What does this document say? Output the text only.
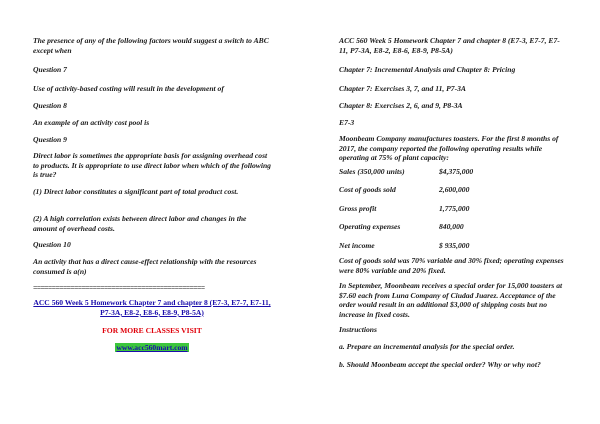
The presence of any of the following factors would suggest a switch to ABC except when

Question 7

Use of activity-based costing will result in the development of

Question 8

An example of an activity cost pool is

Question 9

Direct labor is sometimes the appropriate basis for assigning overhead cost to products. It is appropriate to use direct labor when which of the following is true?

(1) Direct labor constitutes a significant part of total product cost.

(2) A high correlation exists between direct labor and changes in the amount of overhead costs.

Question 10

An activity that has a direct cause-effect relationship with the resources consumed is a(n)

==============================================

ACC 560 Week 5 Homework Chapter 7 and chapter 8 (E7-3, E7-7, E7-11, P7-3A, E8-2, E8-6, E8-9, P8-5A)

FOR MORE CLASSES VISIT

www.acc560mart.com

ACC 560 Week 5 Homework Chapter 7 and chapter 8 (E7-3, E7-7, E7-11, P7-3A, E8-2, E8-6, E8-9, P8-5A)

Chapter 7: Incremental Analysis and Chapter 8: Pricing

Chapter 7: Exercises 3, 7, and 11, P7-3A

Chapter 8: Exercises 2, 6, and 9, P8-3A

E7-3

Moonbeam Company manufactures toasters. For the first 8 months of 2017, the company reported the following operating results while operating at 75% of plant capacity:

Sales (350,000 units)	$4,375,000
Cost of goods sold	2,600,000
Gross profit	1,775,000
Operating expenses	840,000
Net income	$ 935,000

Cost of goods sold was 70% variable and 30% fixed; operating expenses were 80% variable and 20% fixed.

In September, Moonbeam receives a special order for 15,000 toasters at $7.60 each from Luna Company of Ciudad Juarez. Acceptance of the order would result in an additional $3,000 of shipping costs but no increase in fixed costs.

Instructions

a. Prepare an incremental analysis for the special order.

b. Should Moonbeam accept the special order? Why or why not?
